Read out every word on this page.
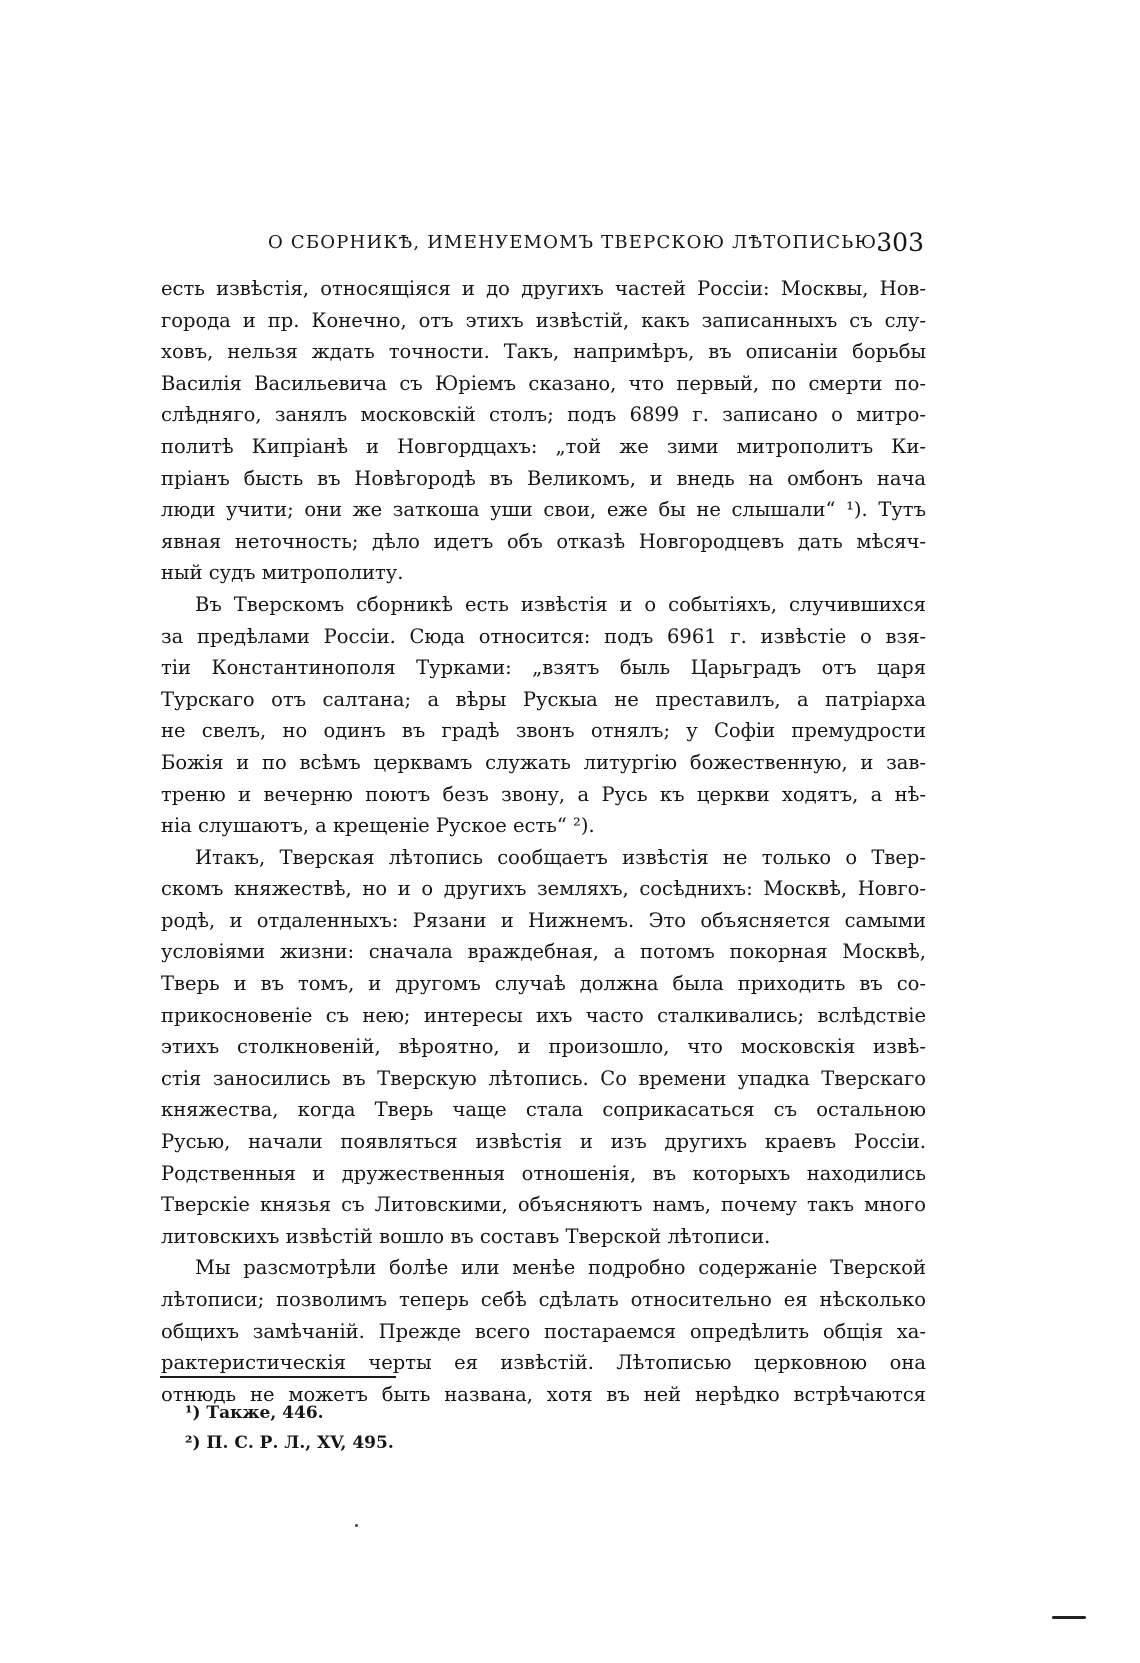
О СБОРНИКѢ, ИМЕНУЕМОМЪ ТВЕРСКОЮ ЛѢТОПИСЬЮ.
303
есть извѣстія, относящіяся и до другихъ частей Россіи: Москвы, Нов-
города и пр. Конечно, отъ этихъ извѣстій, какъ записанныхъ съ слу-
ховъ, нельзя ждать точности. Такъ, напримѣръ, въ описаніи борьбы
Василія Васильевича съ Юріемъ сказано, что первый, по смерти по-
слѣдняго, занялъ московскій столъ; подъ 6899 г. записано о митро-
политѣ Кипріанѣ и Новгордцахъ: „той же зими митрополитъ Ки-
пріанъ бысть въ Новѣгородѣ въ Великомъ, и внедь на омбонъ нача
люди учити; они же заткоша уши свои, еже бы не слышали“ ¹). Тутъ
явная неточность; дѣло идетъ объ отказѣ Новгородцевъ дать мѣсяч-
ный судъ митрополиту.
Въ Тверскомъ сборникѣ есть извѣстія и о событіяхъ, случившихся
за предѣлами Россіи. Сюда относится: подъ 6961 г. извѣстіе о взя-
тіи Константинополя Турками: „взятъ быль Царьградъ отъ царя
Турскаго отъ салтана; а вѣры Рускыа не преставилъ, а патріарха
не свелъ, но одинъ въ градѣ звонъ отнялъ; у Софіи премудрости
Божія и по всѣмъ церквамъ служать литургію божественную, и зав-
треню и вечерню поютъ безъ звону, а Русь къ церкви ходятъ, а нѣ-
ніа слушаютъ, а крещеніе Руское есть“ ²).
Итакъ, Тверская лѣтопись сообщаетъ извѣстія не только о Твер-
скомъ княжествѣ, но и о другихъ земляхъ, сосѣднихъ: Москвѣ, Новго-
родѣ, и отдаленныхъ: Рязани и Нижнемъ. Это объясняется самыми
условіями жизни: сначала враждебная, а потомъ покорная Москвѣ,
Тверь и въ томъ, и другомъ случаѣ должна была приходить въ со-
прикосновеніе съ нею; интересы ихъ часто сталкивались; вслѣдствіе
этихъ столкновеній, вѣроятно, и произошло, что московскія извѣ-
стія заносились въ Тверскую лѣтопись. Со времени упадка Тверскаго
княжества, когда Тверь чаще стала соприкасаться съ остальною
Русью, начали появляться извѣстія и изъ другихъ краевъ Россіи.
Родственныя и дружественныя отношенія, въ которыхъ находились
Тверскіе князья съ Литовскими, объясняютъ намъ, почему такъ много
литовскихъ извѣстій вошло въ составъ Тверской лѣтописи.
Мы разсмотрѣли болѣе или менѣе подробно содержаніе Тверской
лѣтописи; позволимъ теперь себѣ сдѣлать относительно ея нѣсколько
общихъ замѣчаній. Прежде всего постараемся опредѣлить общія ха-
рактеристическія черты ея извѣстій. Лѣтописью церковною она
отнюдь не можетъ быть названа, хотя въ ней нерѣдко встрѣчаются
¹) Также, 446.
²) П. С. Р. Л., XV, 495.
